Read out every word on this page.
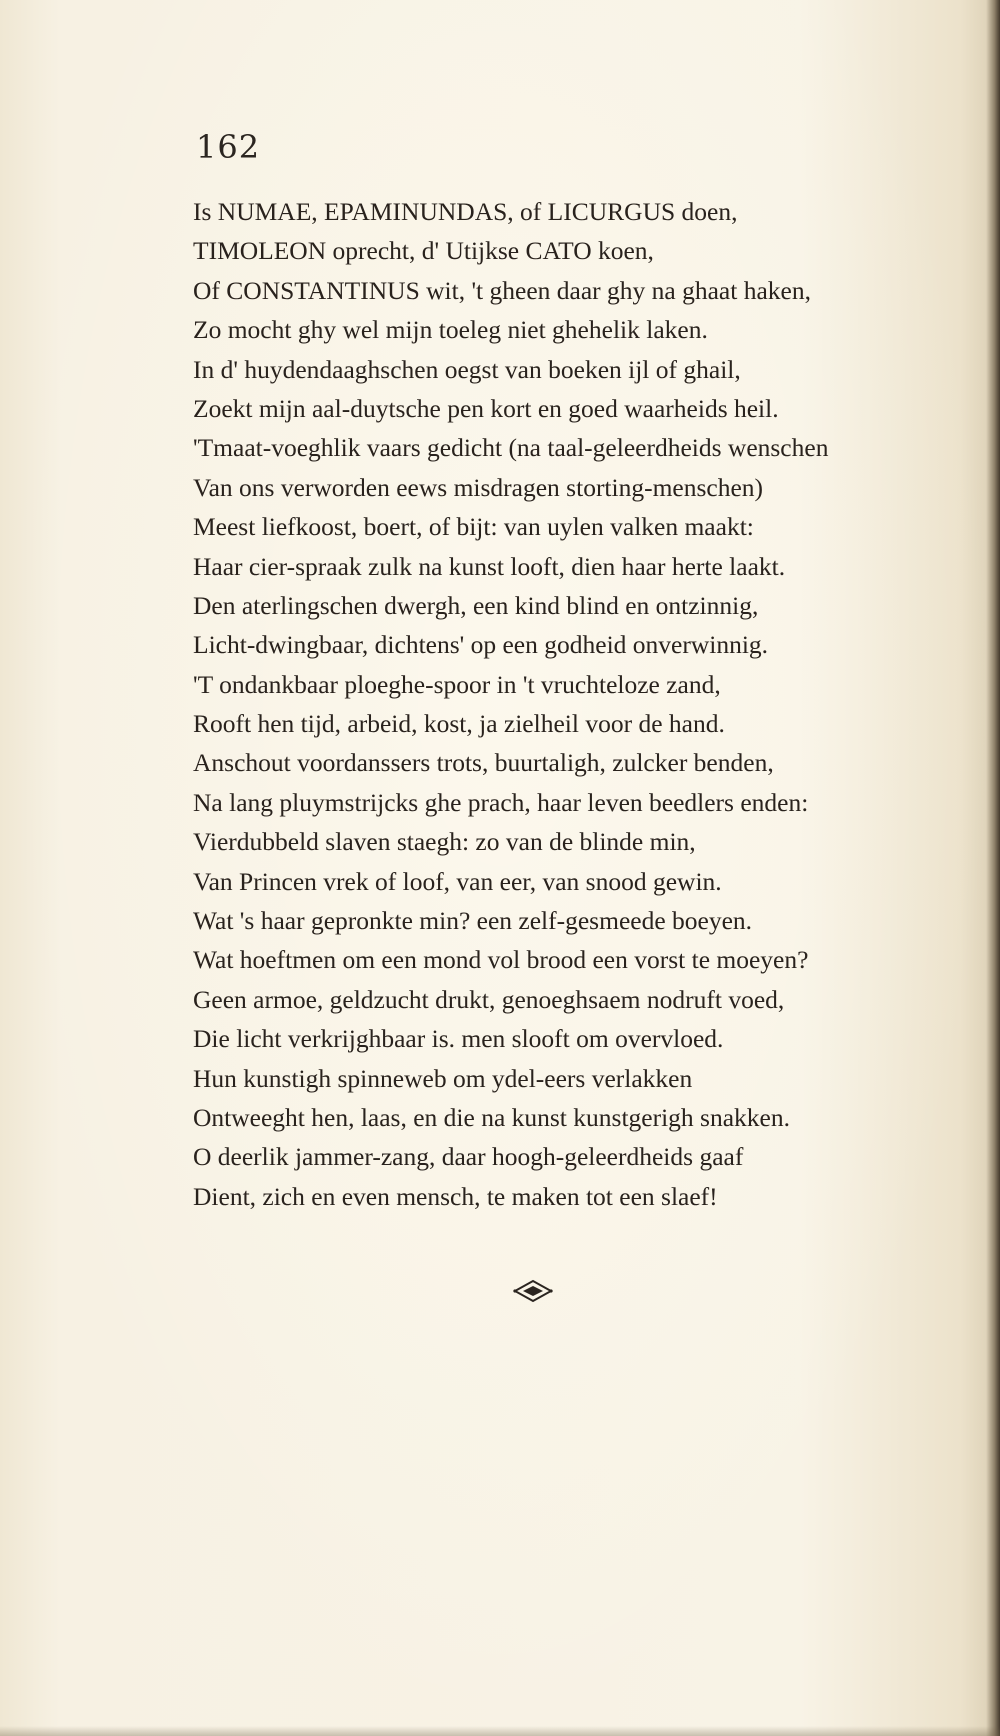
162
Is NUMAE, EPAMINUNDAS, of LICURGUS doen,
TIMOLEON oprecht, d' Utijkse CATO koen,
Of CONSTANTINUS wit, 't gheen daar ghy na ghaat haken,
Zo mocht ghy wel mijn toeleg niet ghehelik laken.
In d' huydendaaghschen oegst van boeken ijl of ghail,
Zoekt mijn aal-duytsche pen kort en goed waarheids heil.
'Tmaat-voeghlik vaars gedicht (na taal-geleerdheids wenschen
Van ons verworden eews misdragen storting-menschen)
Meest liefkoost, boert, of bijt: van uylen valken maakt:
Haar cier-spraak zulk na kunst looft, dien haar herte laakt.
Den aterlingschen dwergh, een kind blind en ontzinnig,
Licht-dwingbaar, dichtens' op een godheid onverwinnig.
'T ondankbaar ploeghe-spoor in 't vruchteloze zand,
Rooft hen tijd, arbeid, kost, ja zielheil voor de hand.
Anschout voordanssers trots, buurtaligh, zulcker benden,
Na lang pluymstrijcks ghe prach, haar leven beedlers enden:
Vierdubbeld slaven staegh: zo van de blinde min,
Van Princen vrek of loof, van eer, van snood gewin.
Wat 's haar gepronkte min? een zelf-gesmeede boeyen.
Wat hoeftmen om een mond vol brood een vorst te moeyen?
Geen armoe, geldzucht drukt, genoeghsaem nodruft voed,
Die licht verkrijghbaar is. men slooft om overvloed.
Hun kunstigh spinneweb om ydel-eers verlakken
Ontweeght hen, laas, en die na kunst kunstgerigh snakken.
O deerlik jammer-zang, daar hoogh-geleerdheids gaaf
Dient, zich en even mensch, te maken tot een slaef!
